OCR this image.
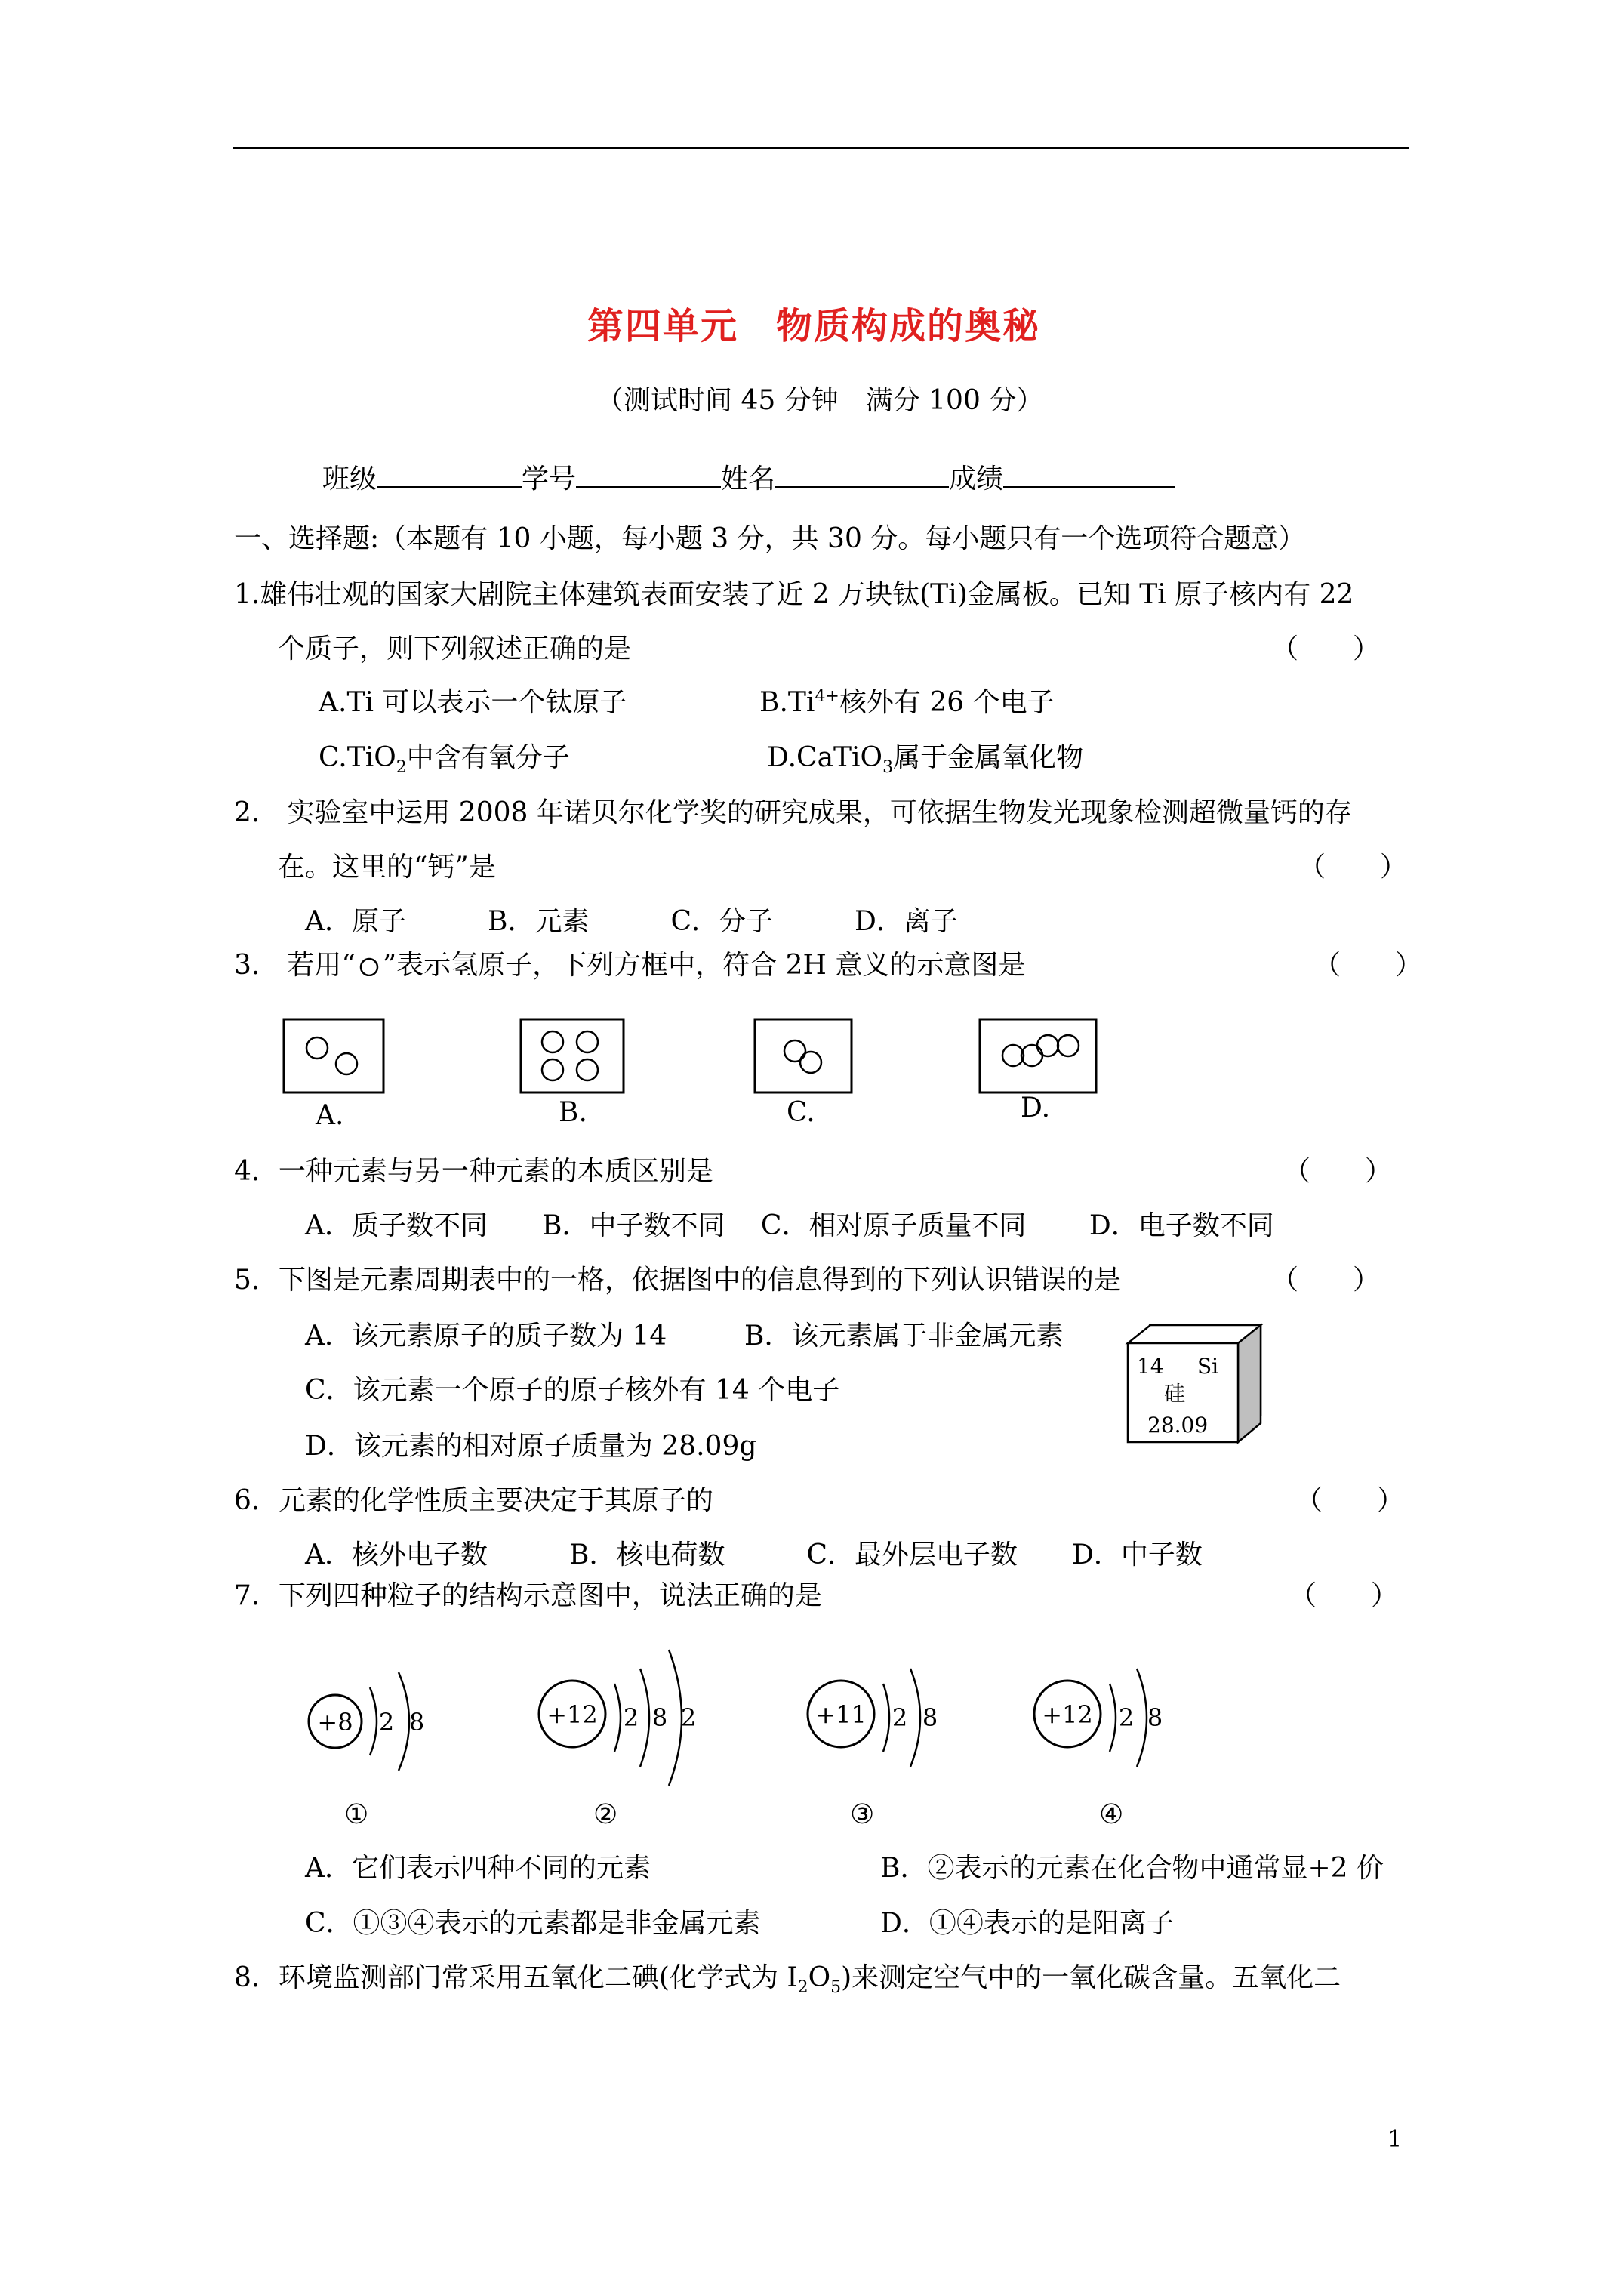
第四单元　物质构成的奥秘
（测试时间 45 分钟　满分 100 分）
班级	学号	姓名	成绩
一、选择题:（本题有 10 小题，每小题 3 分，共 30 分。每小题只有一个选项符合题意）
1.雄伟壮观的国家大剧院主体建筑表面安装了近 2 万块钛(Ti)金属板。已知 Ti 原子核内有 22
个质子，则下列叙述正确的是	（　　）
A.Ti 可以表示一个钛原子	$B.Ti^{4+}$核外有 26 个电子
C.TiO$_2$中含有氧分子	D.CaTiO$_3$属于金属氧化物
2.　实验室中运用 2008 年诺贝尔化学奖的研究成果，可依据生物发光现象检测超微量钙的存
在。这里的“钙”是	（　　）
A．原子　　　B．元素　　　C．分子　　　D．离子
3.　若用“ ”表示氢原子，下列方框中，符合 2H 意义的示意图是	（　　）
A.	B.	C.	D.
4．一种元素与另一种元素的本质区别是	（　　）
A．质子数不同　　B．中子数不同　 C．相对原子质量不同　　 D．电子数不同
5．下图是元素周期表中的一格，依据图中的信息得到的下列认识错误的是	（　　）
A．该元素原子的质子数为 14	B．该元素属于非金属元素
C．该元素一个原子的原子核外有 14 个电子
D．该元素的相对原子质量为 28.09g
14 Si
硅
28.09
6．元素的化学性质主要决定于其原子的	（　　）
A．核外电子数　　　B．核电荷数　　　C．最外层电子数　　D．中子数
7．下列四种粒子的结构示意图中，说法正确的是	（　　）
+8 2 8	+12 2 8 2	+11 2 8	+12 2 8
①	②	③	④
A．它们表示四种不同的元素	B．②表示的元素在化合物中通常显+2 价
C．①③④表示的元素都是非金属元素	D．①④表示的是阳离子
8．环境监测部门常采用五氧化二碘(化学式为 $I_2O_5$)来测定空气中的一氧化碳含量。五氧化二
1
